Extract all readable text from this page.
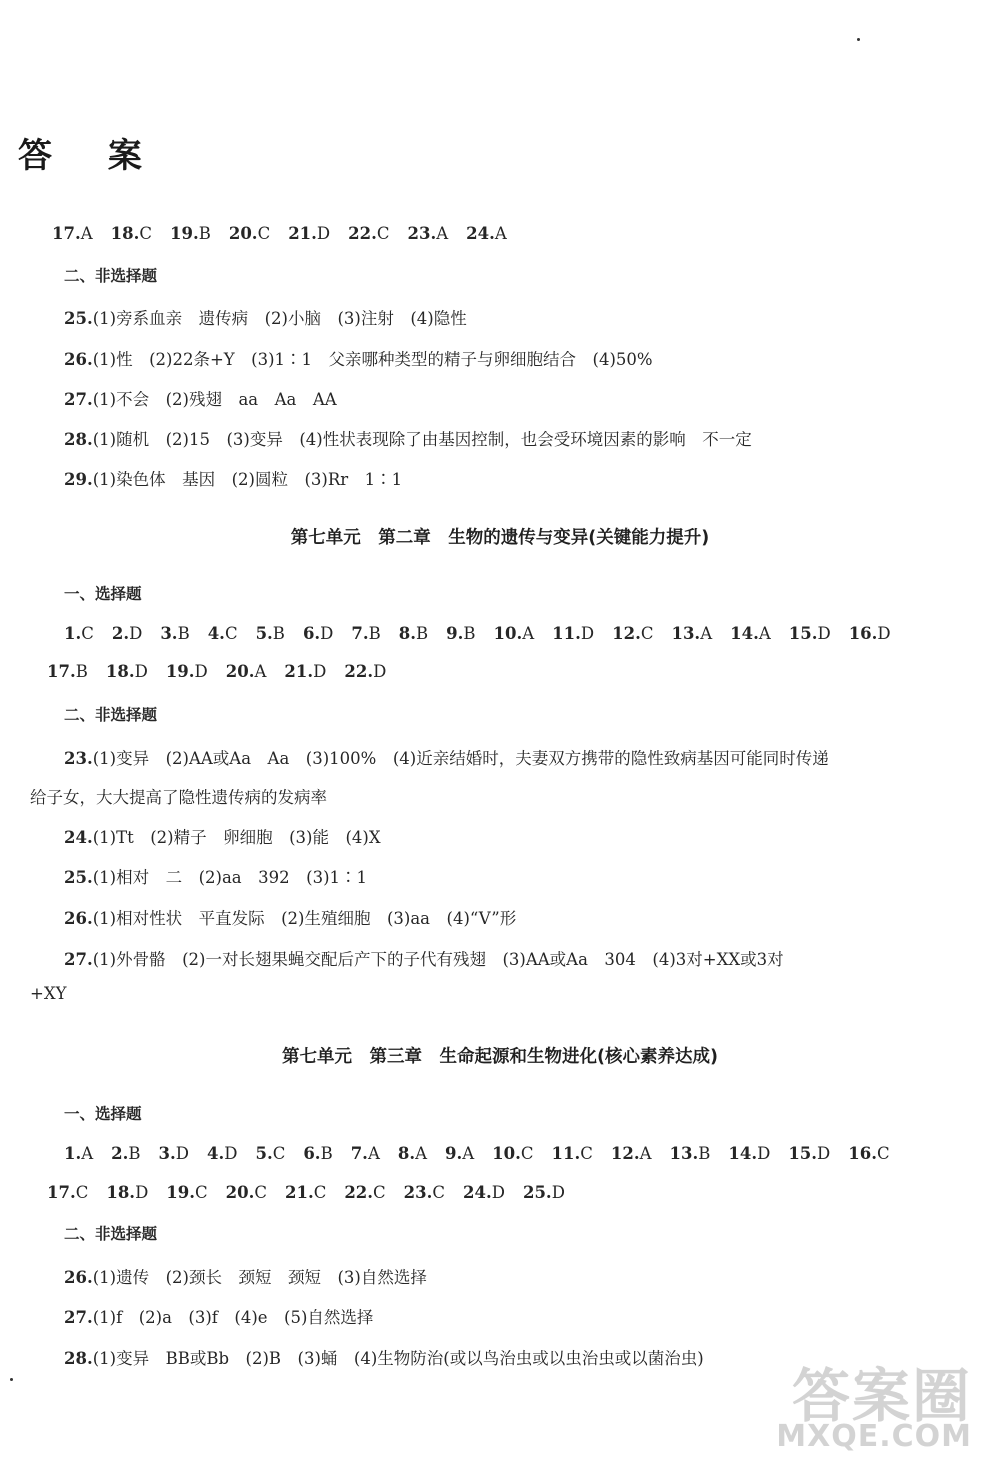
答 案
17.A 18.C 19.B 20.C 21.D 22.C 23.A 24.A
二、非选择题
25.(1)旁系血亲　遗传病　(2)小脑　(3)注射　(4)隐性
26.(1)性　(2)22条+Y　(3)1∶1　父亲哪种类型的精子与卵细胞结合　(4)50%
27.(1)不会　(2)残翅　aa　Aa　AA
28.(1)随机　(2)15　(3)变异　(4)性状表现除了由基因控制，也会受环境因素的影响　不一定
29.(1)染色体　基因　(2)圆粒　(3)Rr　1∶1
第七单元　第二章　生物的遗传与变异(关键能力提升)
一、选择题
1.C 2.D 3.B 4.C 5.B 6.D 7.B 8.B 9.B 10.A 11.D 12.C 13.A 14.A 15.D 16.D
17.B 18.D 19.D 20.A 21.D 22.D
二、非选择题
23.(1)变异　(2)AA或Aa　Aa　(3)100%　(4)近亲结婚时，夫妻双方携带的隐性致病基因可能同时传递
给子女，大大提高了隐性遗传病的发病率
24.(1)Tt　(2)精子　卵细胞　(3)能　(4)X
25.(1)相对　二　(2)aa　392　(3)1∶1
26.(1)相对性状　平直发际　(2)生殖细胞　(3)aa　(4)“V”形
27.(1)外骨骼　(2)一对长翅果蝇交配后产下的子代有残翅　(3)AA或Aa　304　(4)3对+XX或3对
+XY
第七单元　第三章　生命起源和生物进化(核心素养达成)
一、选择题
1.A 2.B 3.D 4.D 5.C 6.B 7.A 8.A 9.A 10.C 11.C 12.A 13.B 14.D 15.D 16.C
17.C 18.D 19.C 20.C 21.C 22.C 23.C 24.D 25.D
二、非选择题
26.(1)遗传　(2)颈长　颈短　颈短　(3)自然选择
27.(1)f　(2)a　(3)f　(4)e　(5)自然选择
28.(1)变异　BB或Bb　(2)B　(3)蛹　(4)生物防治(或以鸟治虫或以虫治虫或以菌治虫)
答案圈
MXQE.COM
